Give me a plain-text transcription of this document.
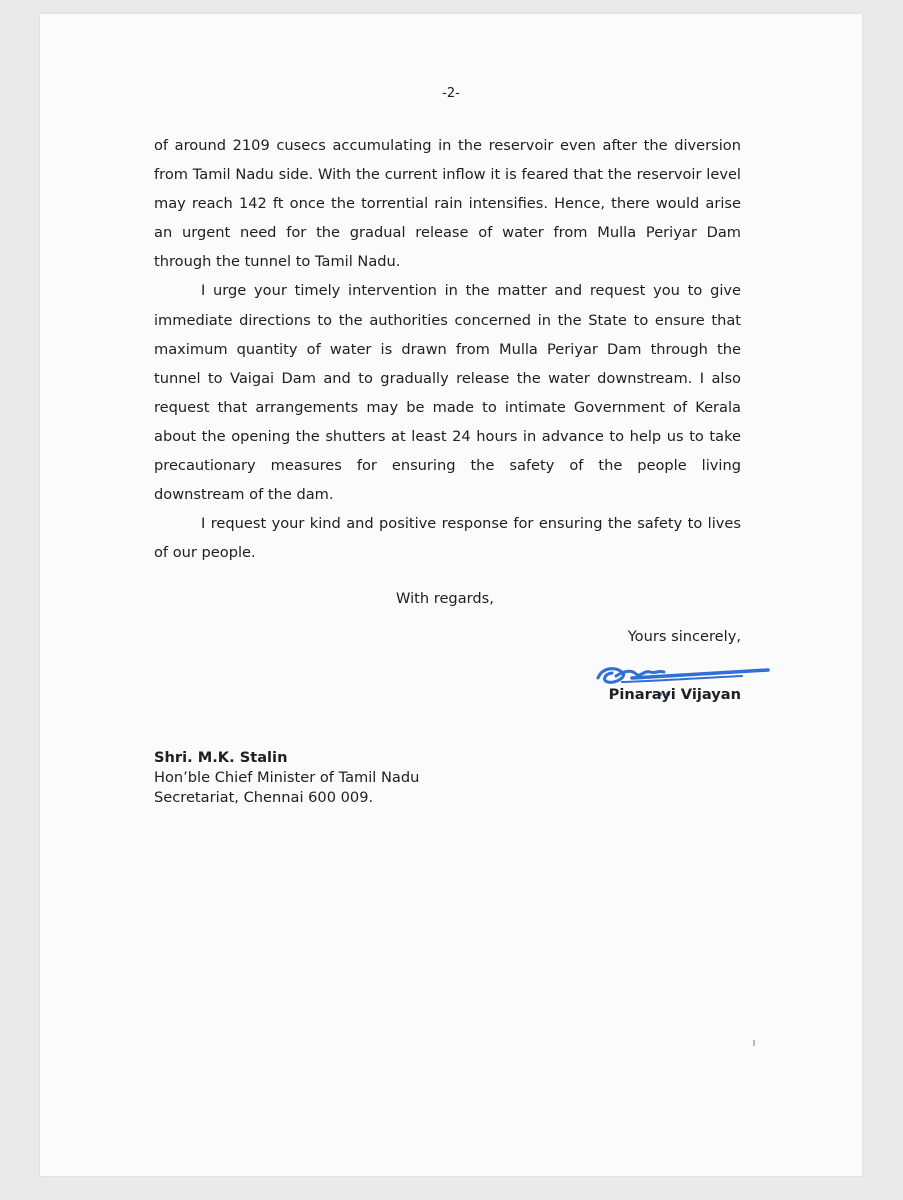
-2-

of around 2109 cusecs accumulating in the reservoir even after the diversion from Tamil Nadu side. With the current inflow it is feared that the reservoir level may reach 142 ft once the torrential rain intensifies. Hence, there would arise an urgent need for the gradual release of water from Mulla Periyar Dam through the tunnel to Tamil Nadu.

I urge your timely intervention in the matter and request you to give immediate directions to the authorities concerned in the State to ensure that maximum quantity of water is drawn from Mulla Periyar Dam through the tunnel to Vaigai Dam and to gradually release the water downstream. I also request that arrangements may be made to intimate Government of Kerala about the opening the shutters at least 24 hours in advance to help us to take precautionary measures for ensuring the safety of the people living downstream of the dam.

I request your kind and positive response for ensuring the safety to lives of our people.

With regards,
Yours sincerely,
Pinarayi Vijayan
Shri. M.K. Stalin
Hon’ble Chief Minister of Tamil Nadu
Secretariat, Chennai 600 009.
